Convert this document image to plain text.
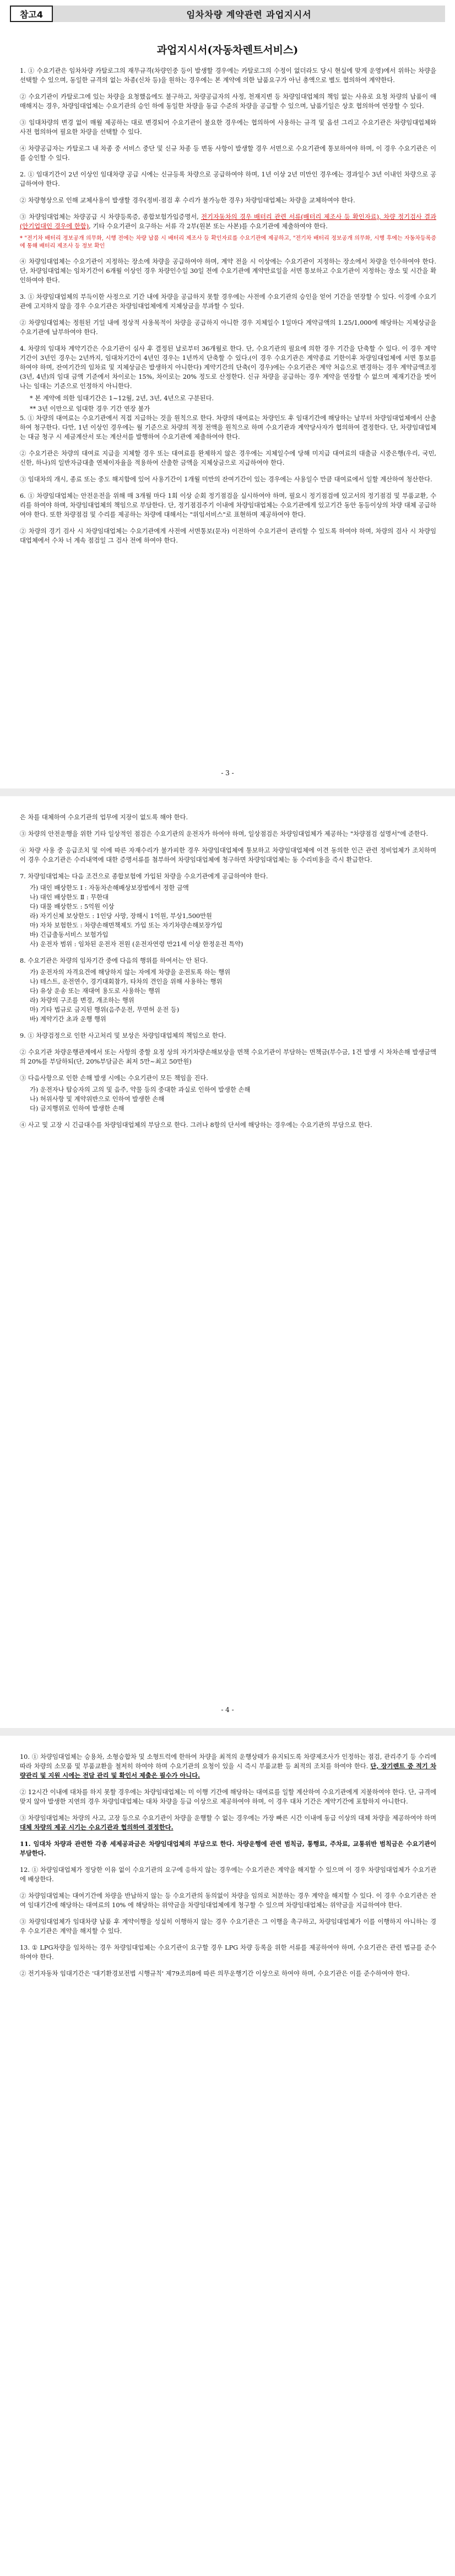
참고4	임차차량 계약관련 과업지시서
과업지시서(자동차렌트서비스)

1. ① 수요기관은 임차차량 카탈로그의 재무규격(차량인중 등이 발생할 경우에는 카탈로그의 수정이 없더라도 당시 현실에 맞게 운영)에서 위하는 차량을 선택할 수 있으며, 동일한 규격의 없는 차종(신차 등)을 원하는 경우에는 본 계약에 의한 납품요구가 아닌 총액으로 별도 협의하여 계약한다.

② 수요기관이 카탈로그에 있는 차량을 요청했음에도 불구하고, 차량공급자의 사정, 천재지변 등 차량임대업체의 책임 없는 사유로 요청 차량의 납품이 애매해지는 경우, 차량임대업체는 수요기관의 승인 하에 동일한 차량을 동급 수준의 차량을 공급할 수 있으며, 납품기일은 상호 협의하여 연장할 수 있다.

③ 임대차량의 변경 없이 매월 제공하는 대로 변경되어 수요기관이 불요한 경우에는 협의하여 사용하는 규격 및 옵션 그리고 수요기관은 차량임대업체와 사전 협의하여 필요한 차량을 선택할 수 있다.

④ 차량공급자는 카탈로그 내 차종 중 서비스 중단 및 신규 차종 등 변동 사항이 발생할 경우 서면으로 수요기관에 통보하여야 하며, 이 경우 수요기관은 이를 승인할 수 있다.

2. ① 임대기간이 2년 이상인 임대차량 공급 시에는 신규등록 차량으로 공급하여야 하며, 1년 이상 2년 미만인 경우에는 경과일수 3년 이내인 차량으로 공급하여야 한다.

② 차량형상으로 인해 교체사용이 발생할 경우(정비·점검 후 수리가 불가능한 경우) 차량임대업체는 차량을 교체하여야 한다.

③ 차량임대업체는 차량공급 시 차량등록증, 종합보험가입증명서, 전기자동차의 경우 배터리 관련 서류(배터리 제조사 등 확인자료), 차량 정기검사 결과(안기업대인 경우에 한함), 기타 수요기관이 요구하는 서류 각 2부(원본 또는 사본)를 수요기관에 제출하여야 한다.

* "전기차 배터리 정보공개 의무화, 시행 전에는 차량 납품 시 배터리 제조사 등 확인자료를 수요기관에 제공하고, "전기차 배터리 정보공개 의무화, 시행 후에는 자동차등록증에 통해 배터리 제조사 등 정보 확인

④ 차량임대업체는 수요기관이 지정하는 장소에 차량을 공급하여야 하며, 계약 전을 시 이상에는 수요기관이 지정하는 장소에서 차량을 인수하여야 한다. 단, 차량임대업체는 임차기간이 6개월 이상인 경우 차량인수일 30일 전에 수요기관에 계약만료일을 서면 통보하고 수요기관이 지정하는 장소 및 시간을 확인하여야 한다.

3. ① 차량임대업체의 부득이한 사정으로 기간 내에 차량을 공급하지 못할 경우에는 사전에 수요기관의 승인을 얻어 기간을 연장할 수 있다. 이경에 수요기관에 고지하지 않을 경우 수요기관은 차량임대업체에게 지체상금을 부과할 수 있다.

② 차량임대업체는 정원된 기일 내에 정상적 사용목적이 차량을 공급하지 아니한 경우 지체일수 1일마다 계약금액의 1.25/1,000에 해당하는 지체상금을 수요기관에 납부하여야 한다.

4. 차량의 임대차 계약기간은 수요기관이 심사 후 결정된 날로부터 36개월로 한다. 단, 수요기관의 필요에 의한 경우 기간을 단축할 수 있다. 이 경우 계약기간이 3년인 경우는 2년까지, 임대차기간이 4년인 경우는 1년까지 단축할 수 있다.(이 경우 수요기관은 계약종료 기한이후 차량임대업체에 서면 통보를 하여야 하며, 잔여기간의 임차료 및 지체상금은 발생하지 아니한다) 계약기간의 단축(이 경우)에는 수요기관은 계약 처음으로 변경하는 경우 계약금액조정(3년, 4년)의 임대 금액 기준에서 차이로는 15%, 차이로는 20% 정도로 산정한다. 신규 차량을 공급하는 경우 계약을 연장할 수 없으며 제재기간을 벗어나는 임대는 기준으로 인정하지 아니한다.

* 본 계약에 의한 임대기간은 1~12월, 2년, 3년, 4년으로 구분된다.

** 3년 이만으로 임대한 경우 기간 연장 불가

5. ① 차량의 대여료는 수요기관에서 직접 지급하는 것을 원칙으로 한다. 차량의 대여료는 차량인도 후 임대기간에 해당하는 날부터 차량임대업체에서 산출하여 청구한다. 다만, 1년 이상인 경우에는 월 기준으로 차량의 적정 전액을 원칙으로 하며 수요기관과 계약당사자가 협의하여 결정한다. 단, 차량임대업체는 대금 청구 시 세금계산서 또는 계산서를 발행하여 수요기관에 제출하여야 한다.

② 수요기관은 차량의 대여료 지급을 지체할 경우 또는 대여료를 완제하지 않은 경우에는 지체일수에 당해 미지급 대여료의 대출금 시중은행(우리, 국민, 신한, 하나)의 일반자금대출 연체이자율을 적용하여 산출한 금액을 지체상금으로 지급하여야 한다.

③ 임대차의 개시, 종료 또는 중도 해지함에 있어 사용기간이 1개월 미만의 잔여기간이 있는 경우에는 사용일수 만큼 대여료에서 일할 계산하여 청산한다.

6. ① 차량임대업체는 안전운전을 위해 매 3개월 마다 1회 이상 순회 정기점검을 실시하여야 하며, 필요시 정기점검에 있고서의 정기점검 및 부품교환, 수리를 하여야 하며, 차량임대업체의 책임으로 부담한다. 단, 정기점검주기 이내에 차량임대업체는 수요기관에게 있고기간 동안 동등이상의 차량 대체 공급하여야 한다. 또한 차량점검 및 수리를 제공하는 차량에 대해서는 "위임서비스"로 표현하며 제공하여야 한다.

② 차량의 경기 검사 시 차량임대업체는 수요기관에게 사전에 서면통보(문자) 이전하여 수요기관이 관리할 수 있도록 하여야 하며, 차량의 검사 시 차량임대업체에서 수차 너 계속 점검일 그 검사 전에 하여야 한다.

- 3 -

은 차를 대체하여 수요기관의 업무에 지장이 없도록 해야 한다.

③ 차량의 안전운행을 위한 기타 일상적인 점검은 수요기관의 운전자가 하여야 하며, 일상점검은 차량임대업체가 제공하는 "차량점검 설명서"에 준한다.

④ 차량 사용 중 응급조치 및 이에 따른 자재수리가 불가피한 경우 차량임대업체에 통보하고 차량임대업체에 이견 동의한 인근 관련 정비업체가 조치하며 이 경우 수요기관은 수리내역에 대한 증명서류를 첨부하여 차량임대업체에 청구하면 차량임대업체는 동 수리비용을 즉시 환급한다.

7. 차량임대업체는 다음 조건으로 종합보험에 가입된 차량을 수요기관에게 공급하여야 한다.

가) 대인 배상한도 Ⅰ : 자동차손해배상보장법에서 정한 금액
나) 대인 배상한도 Ⅱ : 무한대
다) 대물 배상한도 : 5억원 이상
라) 자기신체 보상한도 : 1인당 사망, 장해시 1억원, 부상1,500만원
마) 자차 보험한도 : 차량손해면책제도 가입 또는 자기차량손해보장가입
바) 긴급출동서비스 보험가입
사) 운전자 범위 : 임차된 운전자 전원 (운전자연령 만21세 이상 한정운전 특약)

8. 수요기관은 차량의 임차기간 중에 다음의 행위를 하여서는 안 된다.

가) 운전자의 자격요건에 해당하지 않는 자에게 차량을 운전토록 하는 행위
나) 테스트, 운전연수, 경기대회참가, 타차의 견인을 위해 사용하는 행위
다) 유상 운송 또는 재대여 용도로 사용하는 행위
라) 차량의 구조를 변경, 개조하는 행위
마) 기타 법규로 금지된 행위(음주운전, 무면허 운전 등)
바) 계약기간 초과 운행 행위

9. ① 차량검정으로 인한 사고처리 및 보상은 차량임대업체의 책임으로 한다.

② 수요기관 차량운행관계에서 또는 사항의 중할 요정 상의 자기차량손해보상을 면책 수요기관이 부담하는 면책금(부수금, 1건 발생 시 차차손해 발생금액의 20%를 부담하되(단, 20%부담금은 최저 5만~최고 50만원)

③ 다음사항으로 인한 손해 발생 시에는 수요기관이 모든 책임을 진다.

가) 운전자나 탑승자의 고의 및 음주, 약물 등의 중대한 과실로 인하여 발생한 손해
나) 허위사항 및 계약위반으로 인하여 발생한 손해
다) 금지행위로 인하여 발생한 손해

④ 사고 및 고장 시 긴급대수를 차량임대업체의 부담으로 한다. 그러나 8항의 단서에 해당하는 경우에는 수요기관의 부담으로 한다.

- 4 -

10. ① 차량임대업체는 승용차, 소형승합차 및 소형트럭에 한하여 차량을 최적의 운행상태가 유지되도록 차량제조사가 인정하는 점검, 관리주기 등 수리에 따라 차량의 소모품 및 부품교환을 철저히 하여야 하며 수요기관의 요청이 있을 시 즉시 부품교환 등 최적의 조치를 하여야 한다. 단, 장기렌트 중 적기 차량관리 및 지원 시에는 전담 관리 및 확인서 제출은 필수가 아니다.

② 12시간 이내에 대차를 하지 못할 경우에는 차량임대업체는 미 이행 기간에 해당하는 대여료를 일할 계산하여 수요기관에게 지불하여야 한다. 단, 규격에 맞지 않아 발생한 지연의 경우 차량임대업체는 대차 차량을 등급 이상으로 제공하여야 하며, 이 경우 대차 기간은 계약기간에 포함하지 아니한다.

③ 차량임대업체는 차량의 사고, 고장 등으로 수요기관이 차량을 운행할 수 없는 경우에는 가장 빠른 시간 이내에 동급 이상의 대체 차량을 제공하여야 하며 대체 차량의 제공 시기는 수요기관과 협의하여 결정한다.

11. 임대차 차량과 관련한 각종 세제공과금은 차량임대업체의 부담으로 한다. 차량운행에 관련 범칙금, 통행료, 주차료, 교통위반 범칙금은 수요기관이 부담한다.

12. ① 차량임대업체가 정당한 이유 없이 수요기관의 요구에 응하지 않는 경우에는 수요기관은 계약을 해지할 수 있으며 이 경우 차량임대업체가 수요기관에 배상한다.

② 차량임대업체는 대여기간에 차량을 반납하지 않는 등 수요기관의 동의없이 차량을 임의로 처분하는 경우 계약을 해지할 수 있다. 이 경우 수요기관은 잔여 임대기간에 해당하는 대여료의 10% 에 해당하는 위약금을 차량임대업체에게 청구할 수 있으며 차량임대업체는 위약금을 지급하여야 한다.

③ 차량임대업체가 임대차량 납품 후 계약이행을 성실히 이행하지 않는 경우 수요기관은 그 이행을 촉구하고, 차량임대업체가 이를 이행하지 아니하는 경우 수요기관은 계약을 해지할 수 있다.

13. ① LPG차량을 임차하는 경우 차량임대업체는 수요기관이 요구할 경우 LPG 차량 등록을 위한 서류를 제공하여야 하며, 수요기관은 관련 법규를 준수하여야 한다.

② 전기자동차 임대기간은 '대기환경보전법 시행규칙' 제79조의8에 따른 의무운행기간 이상으로 하여야 하며, 수요기관은 이를 준수하여야 한다.
